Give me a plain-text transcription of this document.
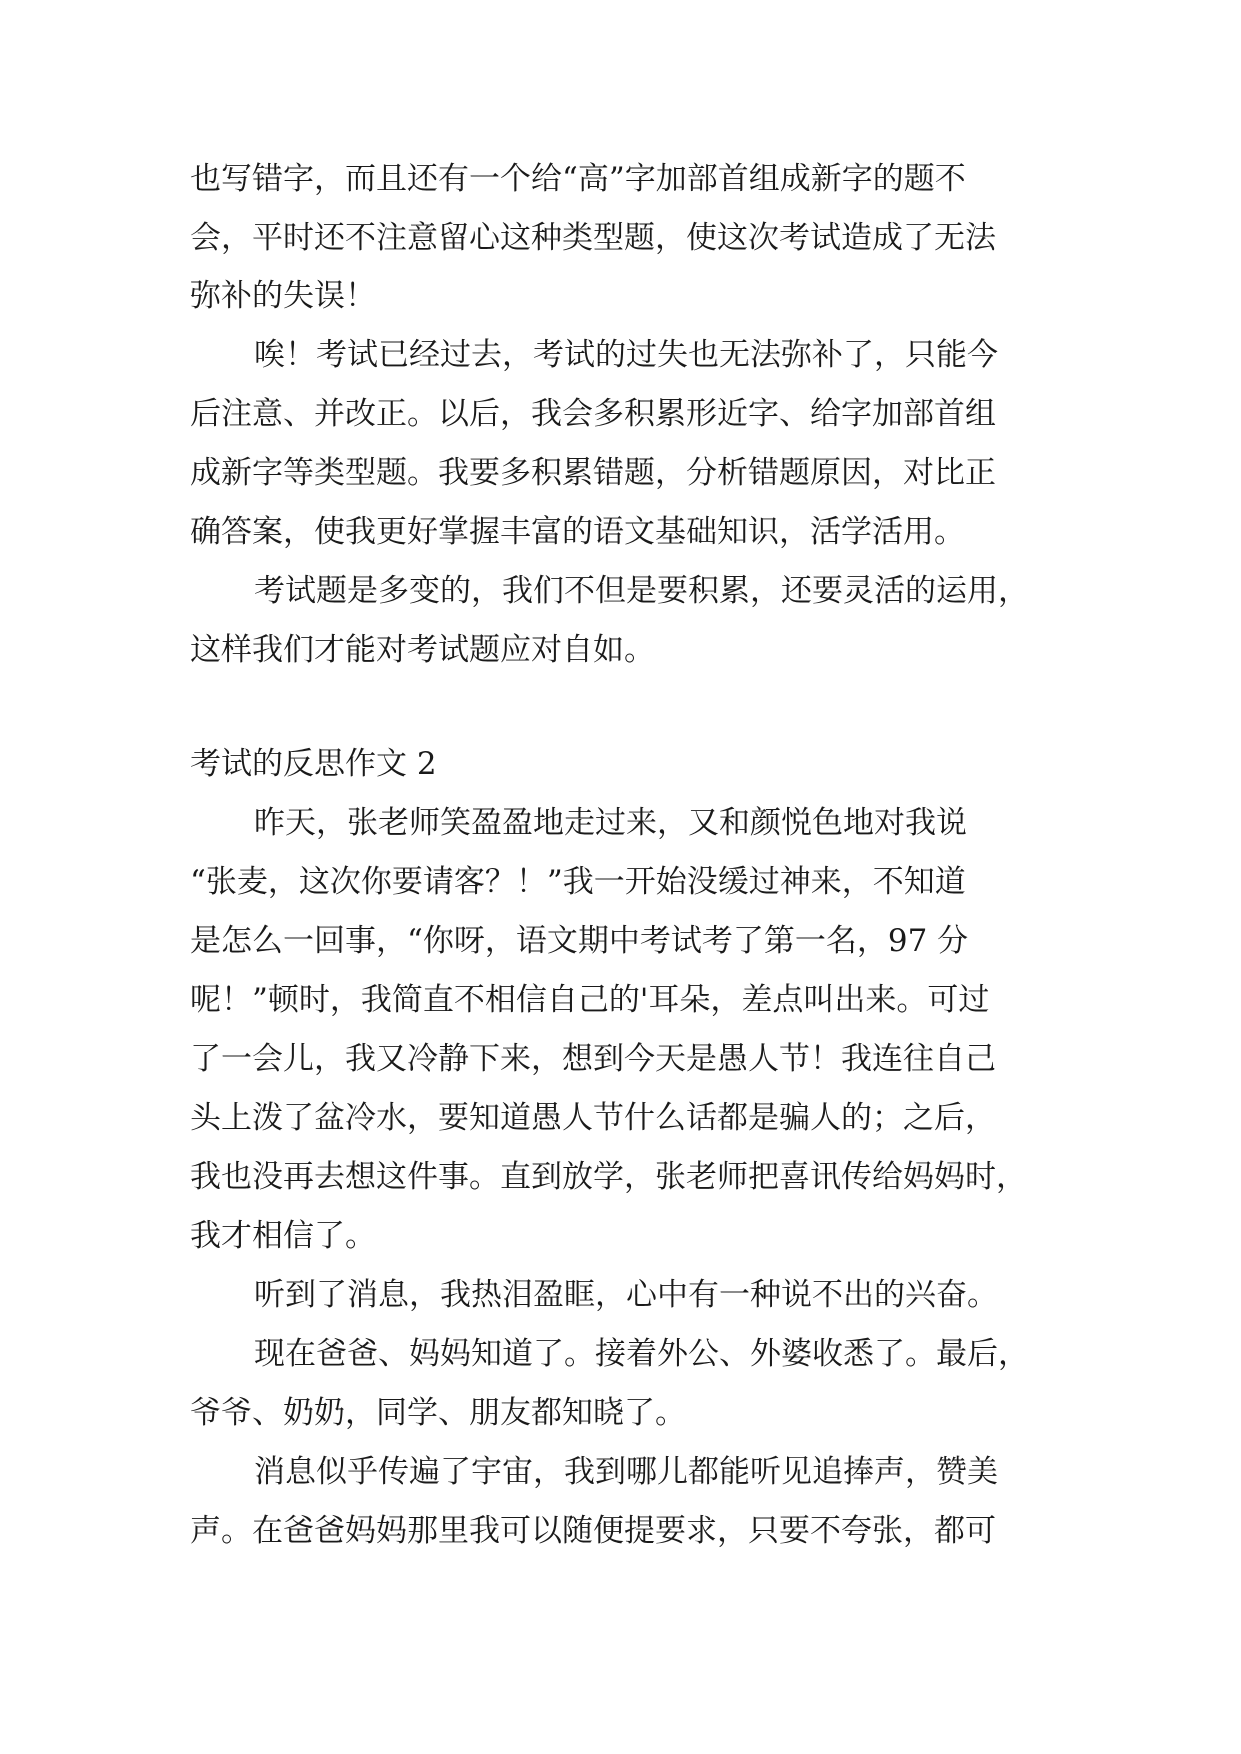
也写错字，而且还有一个给“高”字加部首组成新字的题不
会，平时还不注意留心这种类型题，使这次考试造成了无法
弥补的失误！
唉！考试已经过去，考试的过失也无法弥补了，只能今
后注意、并改正。以后，我会多积累形近字、给字加部首组
成新字等类型题。我要多积累错题，分析错题原因，对比正
确答案，使我更好掌握丰富的语文基础知识，活学活用。
考试题是多变的，我们不但是要积累，还要灵活的运用，
这样我们才能对考试题应对自如。
考试的反思作文 2
昨天，张老师笑盈盈地走过来，又和颜悦色地对我说
“张麦，这次你要请客？！”我一开始没缓过神来，不知道
是怎么一回事，“你呀，语文期中考试考了第一名，97 分
呢！”顿时，我简直不相信自己的'耳朵，差点叫出来。可过
了一会儿，我又冷静下来，想到今天是愚人节！我连往自己
头上泼了盆冷水，要知道愚人节什么话都是骗人的；之后，
我也没再去想这件事。直到放学，张老师把喜讯传给妈妈时，
我才相信了。
听到了消息，我热泪盈眶，心中有一种说不出的兴奋。
现在爸爸、妈妈知道了。接着外公、外婆收悉了。最后，
爷爷、奶奶，同学、朋友都知晓了。
消息似乎传遍了宇宙，我到哪儿都能听见追捧声，赞美
声。在爸爸妈妈那里我可以随便提要求，只要不夸张，都可
